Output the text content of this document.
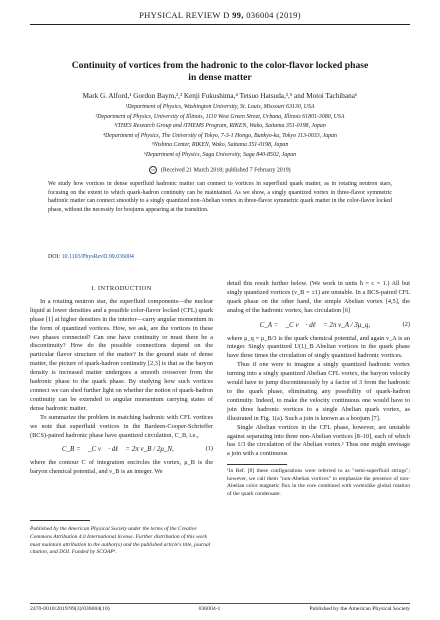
PHYSICAL REVIEW D 99, 036004 (2019)
Continuity of vortices from the hadronic to the color-flavor locked phase
in dense matter
Mark G. Alford,¹ Gordon Baym,²,³ Kenji Fukushima,⁴ Tetsuo Hatsuda,³,⁵ and Motoi Tachibana⁶
¹Department of Physics, Washington University, St. Louis, Missouri 63130, USA
²Department of Physics, University of Illinois, 1110 West Green Street, Urbana, Illinois 61801-3080, USA
³iTHES Research Group and iTHEMS Program, RIKEN, Wako, Saitama 351-0198, Japan
⁴Department of Physics, The University of Tokyo, 7-3-1 Hongo, Bunkyo-ku, Tokyo 113-0033, Japan
⁵Nishina Center, RIKEN, Wako, Saitama 351-0198, Japan
⁶Department of Physics, Saga University, Saga 840-8502, Japan
cc (Received 21 March 2018; published 7 February 2019)
We study how vortices in dense superfluid hadronic matter can connect to vortices in superfluid quark matter, as in rotating neutron stars, focusing on the extent to which quark-hadron continuity can be maintained. As we show, a singly quantized vortex in three-flavor symmetric hadronic matter can connect smoothly to a singly quantized non-Abelian vortex in three-flavor symmetric quark matter in the color-flavor locked phase, without the necessity for boojums appearing at the transition.
DOI: 10.1103/PhysRevD.99.036004
I. INTRODUCTION

In a rotating neutron star, the superfluid components—the nuclear liquid at lower densities and a possible color-flavor locked (CFL) quark phase [1] at higher densities in the interior—carry angular momentum in the form of quantized vortices. How, we ask, are the vortices in these two phases connected? Can one have continuity or must there be a discontinuity? How do the possible connections depend on the particular flavor structure of the matter? In the ground state of dense matter, the picture of quark-hadron continuity [2,3] is that as the baryon density is increased matter undergoes a smooth crossover from the hadronic phase to the quark phase. By studying how such vortices connect we can shed further light on whether the notion of quark-hadron continuity can be extended to angular momentum carrying states of dense hadronic matter.

To summarize the problem in matching hadronic with CFL vortices we note that superfluid vortices in the Bardeen-Cooper-Schrieffer (BCS)-paired hadronic phase have quantized circulation, C_B, i.e.,

C_B = ∮_C v⃗ · dℓ⃗ = 2π ν_B / 2μ_N,	(1)

where the contour C of integration encircles the vortex, μ_B is the baryon chemical potential, and ν_B is an integer. We

Published by the American Physical Society under the terms of the Creative Commons Attribution 4.0 International license. Further distribution of this work must maintain attribution to the author(s) and the published article's title, journal citation, and DOI. Funded by SCOAP³.

detail this result further below. (We work in units ħ = c = 1.) All but singly quantized vortices (ν_B = ±1) are unstable. In a BCS-paired CFL quark phase on the other hand, the simple Abelian vortex [4,5], the analog of the hadronic vortex, has circulation [6]

C_A = ∮_C v⃗ · dℓ⃗ = 2π ν_A / 3μ_q,	(2)

where μ_q = μ_B/3 is the quark chemical potential, and again ν_A is an integer. Singly quantized U(1)_B Abelian vortices in the quark phase have three times the circulation of singly quantized hadronic vortices.

Thus if one were to imagine a singly quantized hadronic vortex turning into a singly quantized Abelian CFL vortex, the baryon velocity would have to jump discontinuously by a factor of 3 from the hadronic to the quark phase, eliminating any possibility of quark-hadron continuity. Indeed, to make the velocity continuous one would have to join three hadronic vortices to a single Abelian quark vortex, as illustrated in Fig. 1(a). Such a join is known as a boojum [7].

Single Abelian vortices in the CFL phase, however, are unstable against separating into three non-Abelian vortices [8–10], each of which has 1/3 the circulation of the Abelian vortex.¹ Thus one might envisage a join with a continuous

¹In Ref. [8] these configurations were referred to as "semi-superfluid strings"; however, we call them "non-Abelian vortices" to emphasize the presence of non-Abelian color magnetic flux in the core combined with vortexlike global rotation of the quark condensate.

2470-0010/2019/99(3)/036004(10)	036004-1	Published by the American Physical Society
